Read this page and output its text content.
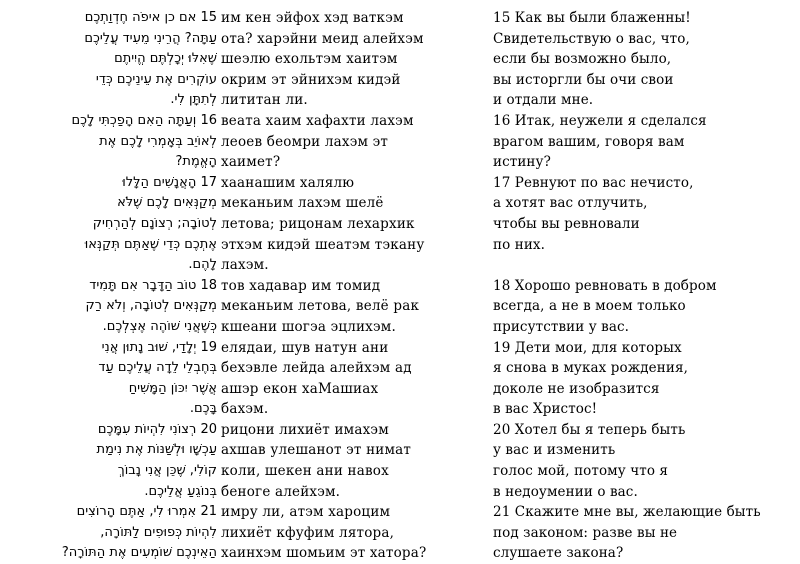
15 אם כן איפֹה חֶדְוַתְכֶם
עַתָּה? הֲרֵינִי מֵעִיד עֲלֵיכֶם
שֶׁאִלּוּ יְכָלְתֶּם הֱיִיתֶם
עוֹקְרִים אֶת עֵינֵיכֶם כְּדֵי
לְתִתָּן לִי.
16 וְעַתָּה הַאִם הָפַכְתִּי לָכֶם
לְאוֹיֵב בְּאָמְרִי לָכֶם אֶת
הָאֱמֶת?
17 הָאֲנָשִׁים הַלָּלוּ
מְקַנְּאִים לָכֶם שֶׁלֹּא
לְטוֹבָה; רְצוֹנָם לְהַרְחִיק
אֶתְכֶם כְּדֵי שֶׁאַתֶּם תְּקַנְּאוּ
לָהֶם.
18 טוֹב הַדָּבָר אִם תָּמִיד
מְקַנְּאִים לְטוֹבָה, וְלֹא רַק
כְּשֶׁאֲנִי שׁוֹהֶה אֶצְלְכֶם.
19 יְלָדַי, שׁוּב נָתוּן אֲנִי
בְּחֶבְלֵי לֵדָה עֲלֵיכֶם עַד
אֲשֶׁר יִכּוֹן הַמָּשִׁיחַ
בָּכֶם.
20 רְצוֹנִי לִהְיוֹת עִמָּכֶם
עַכְשָׁו וּלְשַׁנּוֹת אֶת נִימַת
קוֹלִי, שֶׁכֵּן אֲנִי נָבוֹךְ
בְּנוֹגֵעַ אֲלֵיכֶם.
21 אִמְרוּ לִי, אַתֶּם הָרוֹצִים
לִהְיוֹת כְּפוּפִים לַתּוֹרָה,
הַאֵינְכֶם שׁוֹמְעִים אֶת הַתּוֹרָה?
им кен эйфох хэд ваткэм
ота? харэйни меид алейхэм
шеэлю ехольтэм хаитэм
окрим эт эйнихэм кидэй
лититан ли.
веата хаим хафахти лахэм
леоев беомри лахэм эт
хаимет?
хаанашим халялю
меканьим лахэм шелё
летова; рицонам лехархик
этхэм кидэй шеатэм тэкану
лахэм.
тов хадавар им томид
меканьим летова, велё рак
кшеани шогэа эцлихэм.
елядаи, шув натун ани
бехэвле лейда алейхэм ад
ашэр екон хаМашиах
бахэм.
рицони лихиёт имахэм
ахшав улешанот эт нимат
коли, шекен ани навох
беноге алейхэм.
имру ли, атэм хароцим
лихиёт кфуфим лятора,
хаинхэм шомьим эт хатора?
15 Как вы были блаженны!
Свидетельствую о вас, что,
если бы возможно было,
вы исторгли бы очи свои
и отдали мне.
16 Итак, неужели я сделался
врагом вашим, говоря вам
истину?
17 Ревнуют по вас нечисто,
а хотят вас отлучить,
чтобы вы ревновали
по них.
18 Хорошо ревновать в добром
всегда, а не в моем только
присутствии у вас.
19 Дети мои, для которых
я снова в муках рождения,
доколе не изобразится
в вас Христос!
20 Хотел бы я теперь быть
у вас и изменить
голос мой, потому что я
в недоумении о вас.
21 Скажите мне вы, желающие быть
под законом: разве вы не
слушаете закона?
